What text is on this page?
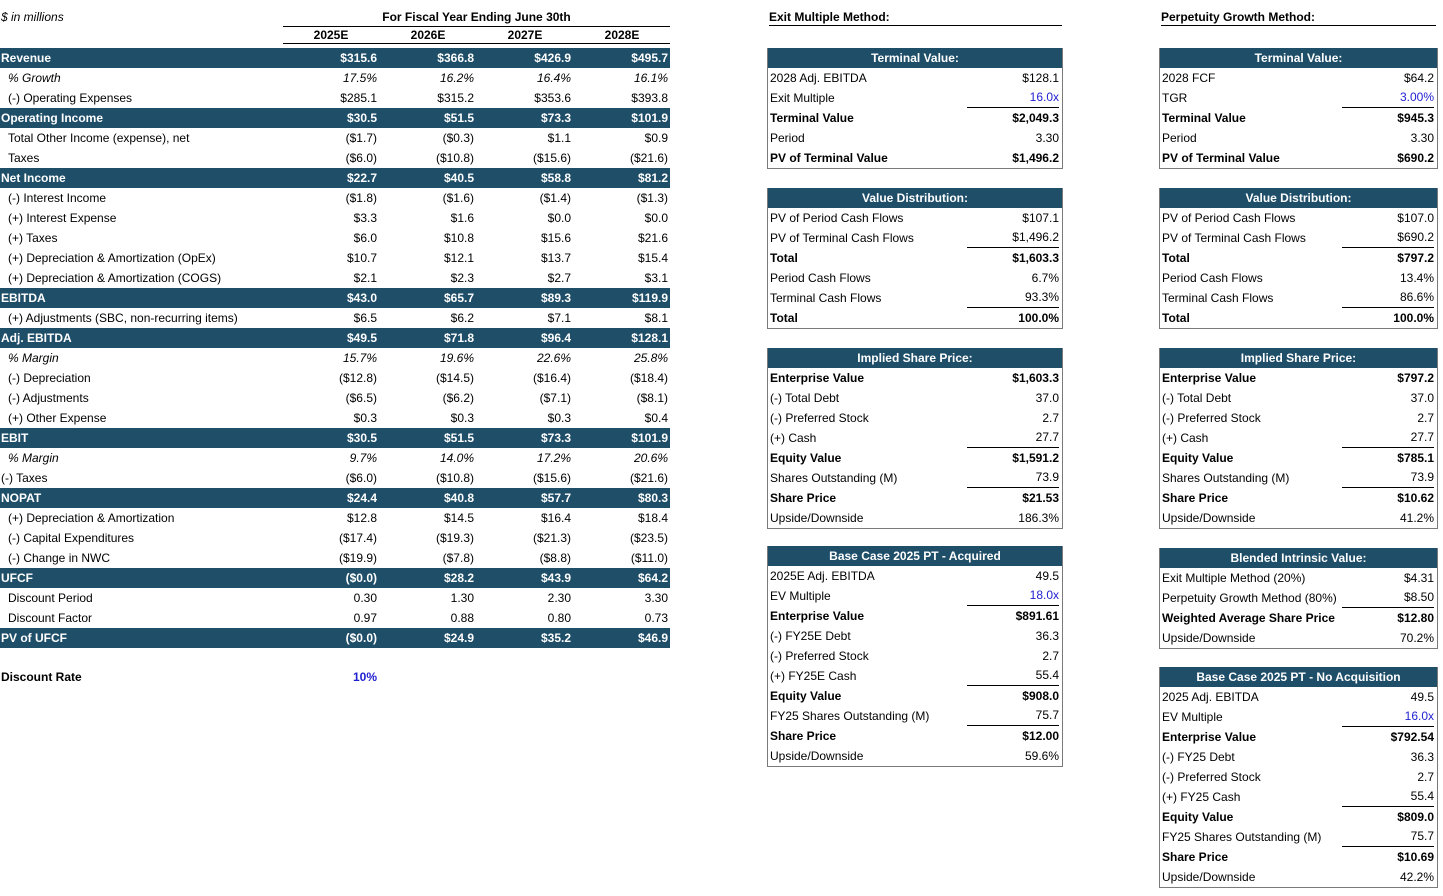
$ in millions	For Fiscal Year Ending June 30th
2025E	2026E	2027E	2028E
Revenue	$315.6	$366.8	$426.9	$495.7
% Growth	17.5%	16.2%	16.4%	16.1%
(-) Operating Expenses	$285.1	$315.2	$353.6	$393.8
Operating Income	$30.5	$51.5	$73.3	$101.9
Total Other Income (expense), net	($1.7)	($0.3)	$1.1	$0.9
Taxes	($6.0)	($10.8)	($15.6)	($21.6)
Net Income	$22.7	$40.5	$58.8	$81.2
(-) Interest Income	($1.8)	($1.6)	($1.4)	($1.3)
(+) Interest Expense	$3.3	$1.6	$0.0	$0.0
(+) Taxes	$6.0	$10.8	$15.6	$21.6
(+) Depreciation & Amortization (OpEx)	$10.7	$12.1	$13.7	$15.4
(+) Depreciation & Amortization (COGS)	$2.1	$2.3	$2.7	$3.1
EBITDA	$43.0	$65.7	$89.3	$119.9
(+) Adjustments (SBC, non-recurring items)	$6.5	$6.2	$7.1	$8.1
Adj. EBITDA	$49.5	$71.8	$96.4	$128.1
% Margin	15.7%	19.6%	22.6%	25.8%
(-) Depreciation	($12.8)	($14.5)	($16.4)	($18.4)
(-) Adjustments	($6.5)	($6.2)	($7.1)	($8.1)
(+) Other Expense	$0.3	$0.3	$0.3	$0.4
EBIT	$30.5	$51.5	$73.3	$101.9
% Margin	9.7%	14.0%	17.2%	20.6%
(-) Taxes	($6.0)	($10.8)	($15.6)	($21.6)
NOPAT	$24.4	$40.8	$57.7	$80.3
(+) Depreciation & Amortization	$12.8	$14.5	$16.4	$18.4
(-) Capital Expenditures	($17.4)	($19.3)	($21.3)	($23.5)
(-) Change in NWC	($19.9)	($7.8)	($8.8)	($11.0)
UFCF	($0.0)	$28.2	$43.9	$64.2
Discount Period	0.30	1.30	2.30	3.30
Discount Factor	0.97	0.88	0.80	0.73
PV of UFCF	($0.0)	$24.9	$35.2	$46.9
Discount Rate	10%
Exit Multiple Method:	Perpetuity Growth Method:
Terminal Value:
2028 Adj. EBITDA	$128.1
Exit Multiple	16.0x
Terminal Value	$2,049.3
Period	3.30
PV of Terminal Value	$1,496.2
Value Distribution:
PV of Period Cash Flows	$107.1
PV of Terminal Cash Flows	$1,496.2
Total	$1,603.3
Period Cash Flows	6.7%
Terminal Cash Flows	93.3%
Total	100.0%
Implied Share Price:
Enterprise Value	$1,603.3
(-) Total Debt	37.0
(-) Preferred Stock	2.7
(+) Cash	27.7
Equity Value	$1,591.2
Shares Outstanding (M)	73.9
Share Price	$21.53
Upside/Downside	186.3%
Base Case 2025 PT - Acquired
2025E Adj. EBITDA	49.5
EV Multiple	18.0x
Enterprise Value	$891.61
(-) FY25E Debt	36.3
(-) Preferred Stock	2.7
(+) FY25E Cash	55.4
Equity Value	$908.0
FY25 Shares Outstanding (M)	75.7
Share Price	$12.00
Upside/Downside	59.6%
Terminal Value:
2028 FCF	$64.2
TGR	3.00%
Terminal Value	$945.3
Period	3.30
PV of Terminal Value	$690.2
Value Distribution:
PV of Period Cash Flows	$107.0
PV of Terminal Cash Flows	$690.2
Total	$797.2
Period Cash Flows	13.4%
Terminal Cash Flows	86.6%
Total	100.0%
Implied Share Price:
Enterprise Value	$797.2
(-) Total Debt	37.0
(-) Preferred Stock	2.7
(+) Cash	27.7
Equity Value	$785.1
Shares Outstanding (M)	73.9
Share Price	$10.62
Upside/Downside	41.2%
Blended Intrinsic Value:
Exit Multiple Method (20%)	$4.31
Perpetuity Growth Method (80%)	$8.50
Weighted Average Share Price	$12.80
Upside/Downside	70.2%
Base Case 2025 PT - No Acquisition
2025 Adj. EBITDA	49.5
EV Multiple	16.0x
Enterprise Value	$792.54
(-) FY25 Debt	36.3
(-) Preferred Stock	2.7
(+) FY25 Cash	55.4
Equity Value	$809.0
FY25 Shares Outstanding (M)	75.7
Share Price	$10.69
Upside/Downside	42.2%
